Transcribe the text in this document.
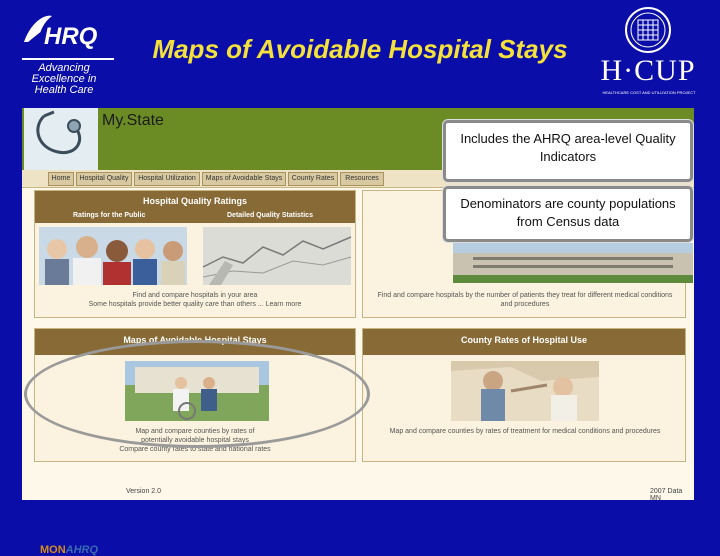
HRQ
Advancing
Excellence in
Health Care
Maps of Avoidable Hospital Stays
H·CUP
HEALTHCARE COST AND UTILIZATION PROJECT
My.State
Home	Hospital Quality	Hospital Utilization	Maps of Avoidable Stays	County Rates	Resources
Hospital Quality Ratings
Ratings for the Public	Detailed Quality Statistics
Find and compare hospitals in your area
Some hospitals provide better quality care than others ... Learn more
Find and compare hospitals by the number of patients they treat for different medical conditions
and procedures
Maps of Avoidable Hospital Stays
Map and compare counties by rates of
potentially avoidable hospital stays
Compare county rates to state and national rates
County Rates of Hospital Use
Map and compare counties by rates of treatment for medical conditions and procedures
MONAHRQ
Version 2.0	2007 Data MN
Includes the AHRQ area-level Quality Indicators
Denominators are county populations from Census data
